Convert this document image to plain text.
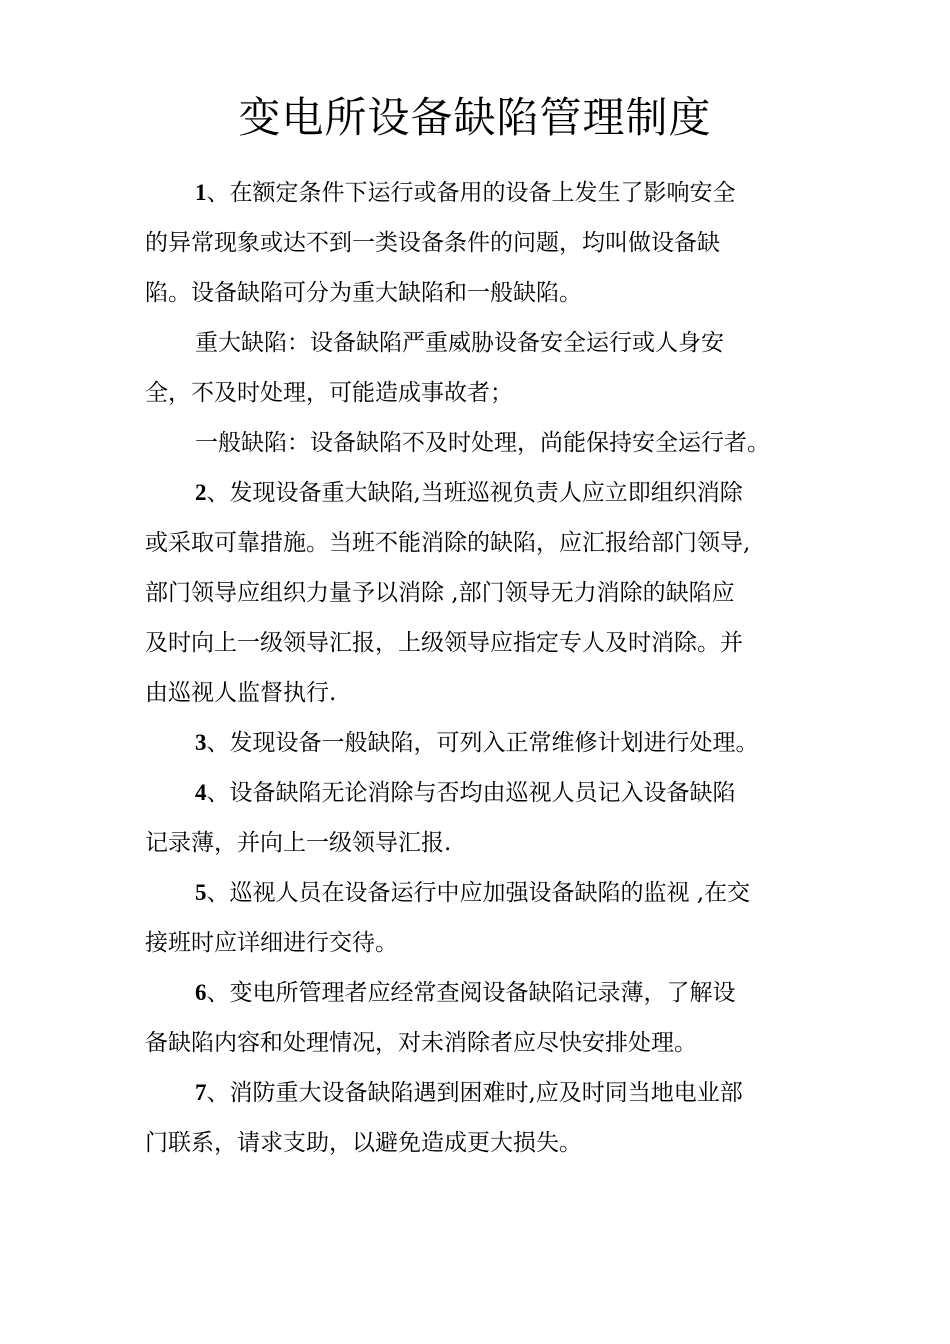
变电所设备缺陷管理制度
1、在额定条件下运行或备用的设备上发生了影响安全
的异常现象或达不到一类设备条件的问题，均叫做设备缺
陷。设备缺陷可分为重大缺陷和一般缺陷。
重大缺陷：设备缺陷严重威胁设备安全运行或人身安
全，不及时处理，可能造成事故者；
一般缺陷：设备缺陷不及时处理，尚能保持安全运行者。
2、发现设备重大缺陷,当班巡视负责人应立即组织消除
或采取可靠措施。当班不能消除的缺陷，应汇报给部门领导,
部门领导应组织力量予以消除 ,部门领导无力消除的缺陷应
及时向上一级领导汇报，上级领导应指定专人及时消除。并
由巡视人监督执行.
3、发现设备一般缺陷，可列入正常维修计划进行处理。
4、设备缺陷无论消除与否均由巡视人员记入设备缺陷
记录薄，并向上一级领导汇报.
5、巡视人员在设备运行中应加强设备缺陷的监视 ,在交
接班时应详细进行交待。
6、变电所管理者应经常查阅设备缺陷记录薄，了解设
备缺陷内容和处理情况，对未消除者应尽快安排处理。
7、消防重大设备缺陷遇到困难时,应及时同当地电业部
门联系，请求支助，以避免造成更大损失。
